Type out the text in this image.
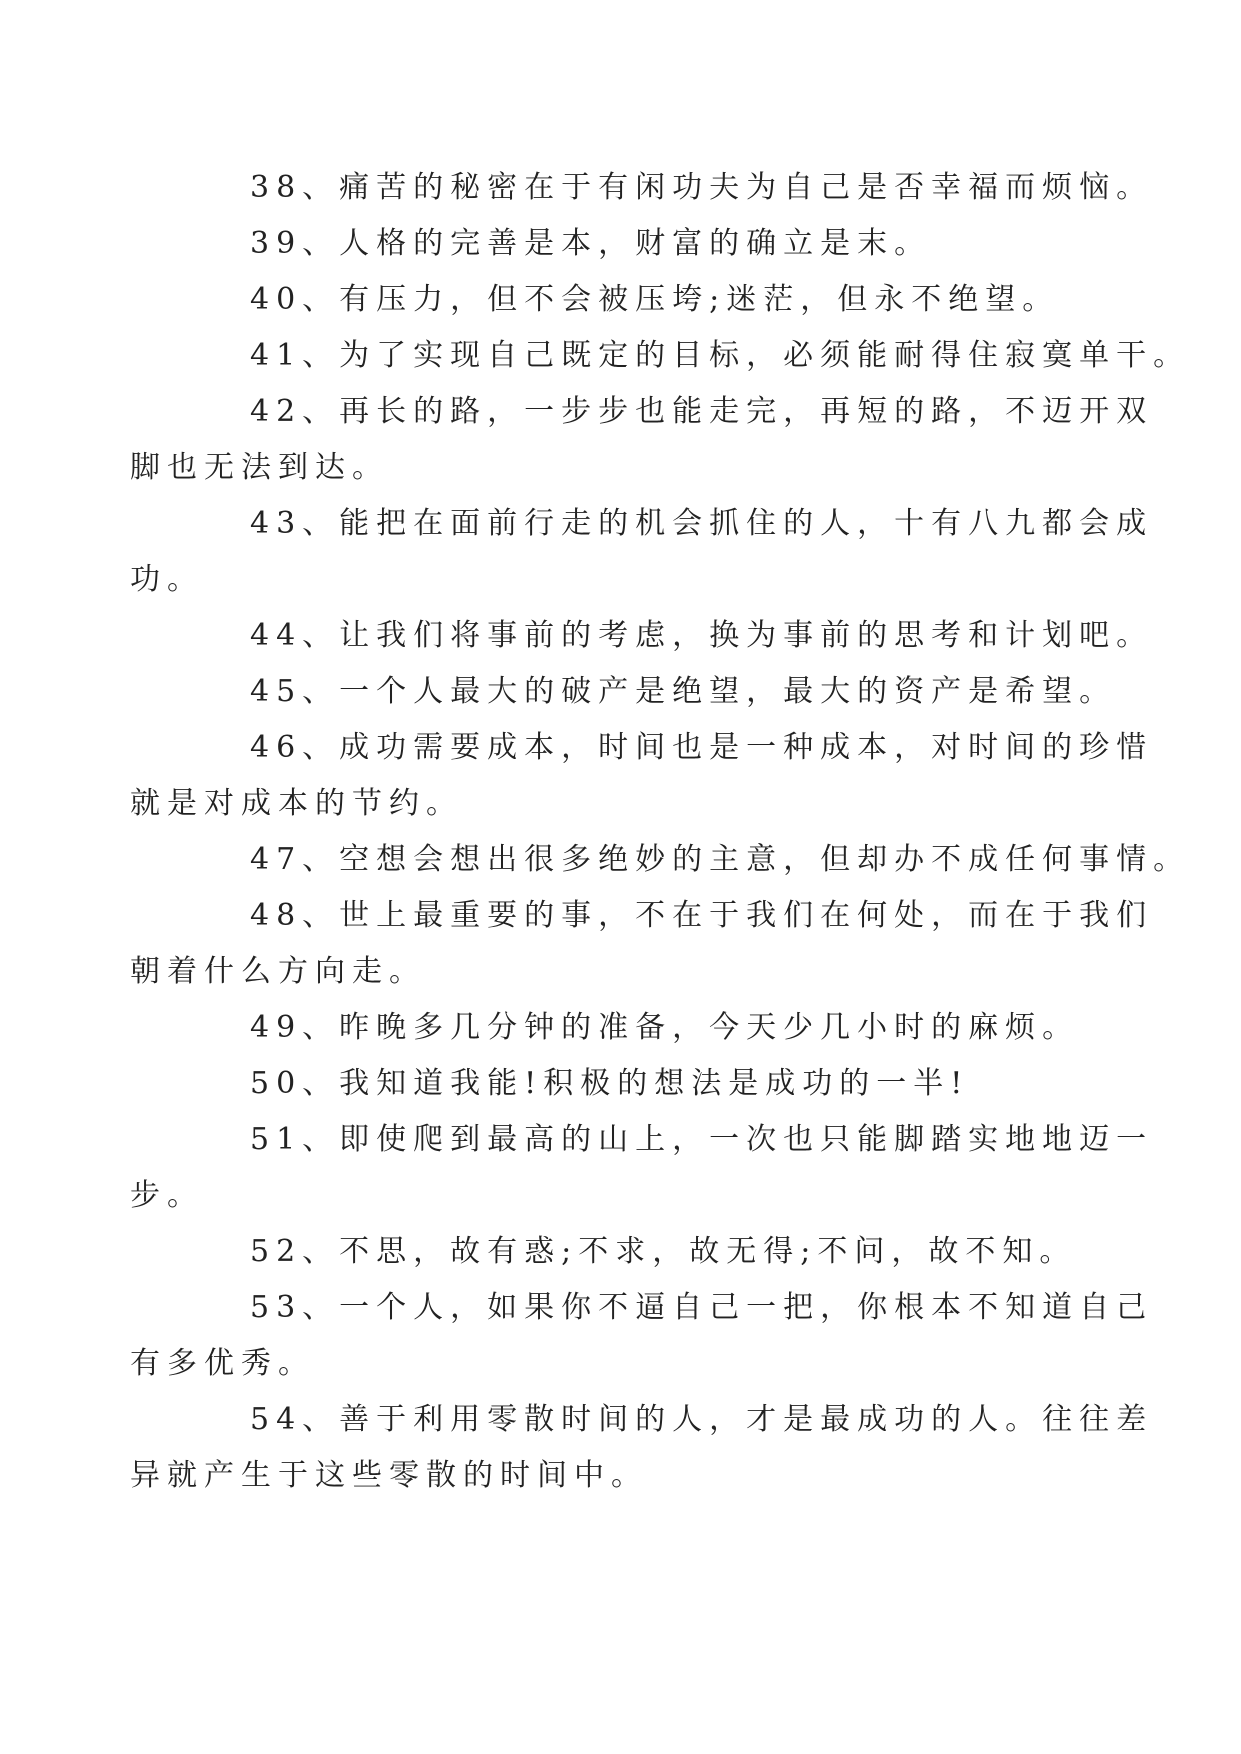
38、痛苦的秘密在于有闲功夫为自己是否幸福而烦恼。

39、人格的完善是本，财富的确立是末。

40、有压力，但不会被压垮;迷茫，但永不绝望。

41、为了实现自己既定的目标，必须能耐得住寂寞单干。

42、再长的路，一步步也能走完，再短的路，不迈开双
脚也无法到达。

43、能把在面前行走的机会抓住的人，十有八九都会成
功。

44、让我们将事前的考虑，换为事前的思考和计划吧。

45、一个人最大的破产是绝望，最大的资产是希望。

46、成功需要成本，时间也是一种成本，对时间的珍惜
就是对成本的节约。

47、空想会想出很多绝妙的主意，但却办不成任何事情。

48、世上最重要的事，不在于我们在何处，而在于我们
朝着什么方向走。

49、昨晚多几分钟的准备，今天少几小时的麻烦。

50、我知道我能!积极的想法是成功的一半!

51、即使爬到最高的山上，一次也只能脚踏实地地迈一
步。

52、不思，故有惑;不求，故无得;不问，故不知。

53、一个人，如果你不逼自己一把，你根本不知道自己
有多优秀。

54、善于利用零散时间的人，才是最成功的人。往往差
异就产生于这些零散的时间中。
